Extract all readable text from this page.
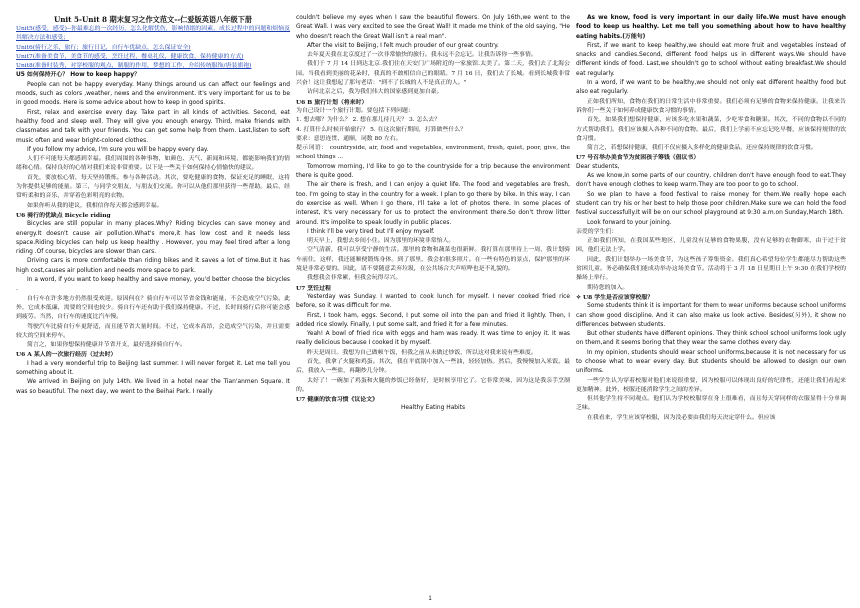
Unit 5-Unit 8 期末复习之作文范文--仁爱版英语八年级下册

Unit5(感受，感受)--你最难忘的一次经历，怎么化解忧伤，影响情绪的因素，成长过程中的问题和烦恼及其解决方法和感受；

Unit6(骑行之乐，旅行；旅行日记，自行车优缺点，怎么保证安全)

Unit7(准备美食节，美食节的感受，烹饪过程，餐桌礼仪，健康饮食，保持健康的方式)

Unit8(准备时装秀，对穿校服的观点，制服的作用，梦想的工作，介绍传统服饰/唐装旗袍)

U5 如何保持开心？ How to keep happy？

People can not be happy everyday. Many things around us can affect our feelings and moods, such as colors ,weather, news and the environment. It's very important for us to be in good moods. Here is some advice about how to keep in good spirits.

First, relax and exercise every day. Take part in all kinds of activities. Second, eat healthy food and sleep well. They will give you enough energy. Third, make friends with classmates and talk with your friends. You can get some help from them. Last,listen to soft music often and wear bright-colored clothes.

If you follow my advice, I'm sure you will be happy every day.

人们不可能每天都感到幸福。我们周围的各种事物，如颜色、天气、新闻和环境，都能影响我们的情绪和心情。保持良好的心情对我们来说非常重要。以下是一些关于如何保持心情愉快的建议。

首先，要放松心情，每天坚持锻炼。参与各种活动。其次，要吃健康的食物，保证充足的睡眠，这将为你提供足够的能量。第三，与同学交朋友，与朋友们交流。你可以从他们那里获得一些帮助。最后，经常听柔和的音乐，并穿着色彩明亮的衣物。

如果你听从我的建议，我相信你每天都会感到幸福。

U6 骑行的优缺点 Bicycle riding

Bicycles are still popular in many places.Why? Riding bicycles can save money and energy.It doesn't cause air pollution.What's more,it has low cost and it needs less space.Riding bicycles can help us keep healthy . However, you may feel tired after a long riding .Of course, bicycles are slower than cars.

Driving cars is more comfortable than riding bikes and it saves a lot of time.But it has high cost,causes air pollution and needs more space to park.

In a word, if you want to keep healthy and save money, you'd better choose the bicycles .

自行车在许多地方仍然很受欢迎。原因何在？骑自行车可以节省金钱和能量，不会造成空气污染。此外，它成本低廉，需要的空间也较少。骑自行车还有助于我们保持健康。不过，长时间骑行后你可能会感到疲劳。当然，自行车的速度比汽车慢。

驾驶汽车比骑自行车更舒适，而且能节省大量时间。不过，它成本高昂，会造成空气污染，并且需要较大的空间来停车。

简言之，如果你想保持健康并节省开支，最好选择骑自行车。

U6 A 某人的一次旅行经历（过去时）

I had a very wonderful trip to Beijing last summer. I will never forget it. Let me tell you something about it.

We arrived in Beijing on July 14th. We lived in a hotel near the Tian'anmen Square. It was so beautiful. The next day, we went to the Beihai Park. I really

couldn't believe my eyes when I saw the beautiful flowers. On July 16th,we went to the Great Wall. I was very excited to see the Great Wall! It made me think of the old saying, "He who doesn't reach the Great Wall isn't a real man".

After the visit to Beijing, I felt much prouder of our great country.

去年夏天我在北京度过了一次非常愉快的旅行。我永远不会忘记。让我告诉你一些事情。

我们于 7 月 14 日到达北京.我们住在天安门广场附近的一家旅馆.太美了。第二天，我们去了北海公园。当我看到美丽的花朵时，我真的不敢相信自己的眼睛。7 月 16 日，我们去了长城。看到长城我非常兴奋！这让我想起了那句老话："到不了长城的人不是真正的人。"

访问北京之后，我为我们伟大的国家感到更加自豪。

U6 B 旅行计划（将来时）

为自己设计一个旅行计划。要包括下列问题：

1. 想去哪？为什么？ 2. 想在那儿待几天？ 3. 怎么去？

4. 打算什么时候开始旅行？ 5. 在这次旅行期间，打算做些什么？

要求：意思连贯、通顺，词数 80 左右。

提示词语： countryside, air, food and vegetables, environment, fresh, quiet, poor, give, the school things ...

Tomorrow morning, I'd like to go to the countryside for a trip because the environment there is quite good.

The air there is fresh, and I can enjoy a quiet life. The food and vegetables are fresh, too. I'm going to stay in the country for a week. I plan to go there by bike. In this way, I can do exercise as well. When I go there, I'll take a lot of photos there. In some places of interest, it's very necessary for us to protect the environment there.So don't throw litter around. It's impolite to speak loudly in public places.

I think I'll be very tired but I'll enjoy myself.

明天早上，我想去乡间小住。因为那里的环境非常怡人。

空气清新，我可以享受宁静的生活。那里的食物和蔬菜也很新鲜。我打算在那里待上一周，我计划骑车前往，这样，我还能顺便锻炼身体。到了那里，我会拍很多照片。在一些有特色的景点，保护那里的环境是非常必要的。因此，请不要随意丢弃垃圾，在公共场合大声喧哗也是不礼貌的。

我想我会非常累，但我会玩得尽兴。

U7 烹饪过程

Yesterday was Sunday. I wanted to cook lunch for myself. I never cooked fried rice before, so it was difficult for me.

First, I took ham, eggs. Second, I put some oil into the pan and fried it lightly. Then, I added rice slowly. Finally, I put some salt, and fried it for a few minutes.

Yeah! A bowl of fried rice with eggs and ham was ready. It was time to enjoy it. It was really delicious because I cooked it by myself.

昨天是周日。我想为自己做顿午饭，但我之前从未做过炒饭，所以这对我来说有些难度。

首先，我拿了火腿和鸡蛋。其次，我在平底锅中加入一些油，轻轻加热。然后，我慢慢加入米饭。最后，我放入一些盐，再翻炒几分钟。

太好了！一碗加了鸡蛋和火腿的炒饭已经备好，是时候享用它了。它非常美味，因为这是我亲手烹制的。

U7 健康的饮食习惯《议论文》

Healthy Eating Habits

As we know, food is very important in our daily life.We must have enough food to keep us healthy. Let me tell you something about how to have healthy eating habits.(万能句)

First, if we want to keep healthy,we should eat more fruit and vegetables instead of snacks and candies.Second, different food helps us in different ways.We should have different kinds of food. Last,we shouldn't go to school without eating breakfast.We should eat regularly.

In a word, if we want to be healthy,we should not only eat different healthy food but also eat regularly.

正如我们所知，食物在我们的日常生活中非常重要。我们必须有足够的食物来保持健康。让我来告诉你们一些关于如何养成健康饮食习惯的事情。

首先，如果我们想保持健康，应该多吃水果和蔬菜，少吃零食和糖果。其次，不同的食物以不同的方式帮助我们。我们应该摄入各种不同的食物。最后，我们上学前不应忘记吃早餐，应该保持规律的饮食习惯。

简言之，若想保持健康，我们不仅应摄入多样化的健康食品，还应保持规律的饮食习惯。

U7 号召举办美食节为贫困孩子筹钱（倡议书）

Dear students,

As we know,in some parts of our country, children don't have enough food to eat.They don't have enough clothes to keep warm.They are too poor to go to school.

So we plan to have a food festival to raise money for them.We really hope each student can try his or her best to help those poor children.Make sure we can hold the food festival successfully.It will be on our school playground at 9:30 a.m.on Sunday,March 18th.

Look forward to your joining.

亲爱的学生们：

正如我们所知，在我国某些地区，儿童没有足够的食物果腹，没有足够的衣物御寒，由于过于贫困，他们无法上学。

因此，我们计划举办一场美食节，为这些孩子筹集资金。我们真心希望每位学生都能尽力帮助这些贫困儿童。务必确保我们能成功举办这场美食节。活动将于 3 月 18 日星期日上午 9:30 在我们学校的操场上举行。

期待您的加入。

✧ U8 学生是否应该穿校服？

Some students think it is important for them to wear uniforms because school uniforms can show good discipline. And it can also make us look active. Besides(另外), it show no differences between students.

But other students have different opinions. They think school school uniforms look ugly on them,and it seems boring that they wear the same clothes every day.

In my opinion, students should wear school uniforms,because it is not necessary for us to choose what to wear every day. But students should be allowed to design our own uniforms.

一些学生认为穿着校服对他们来说很重要，因为校服可以体现出良好的纪律性，还能让我们看起来更加精神。此外，校服还能消除学生之间的差异。

但其他学生持不同观点。他们认为学校校服穿在身上很难看，而且每天穿同样的衣服显得十分单调乏味。

在我看来，学生应该穿校服，因为没必要由我们每天决定穿什么。但应该

1
